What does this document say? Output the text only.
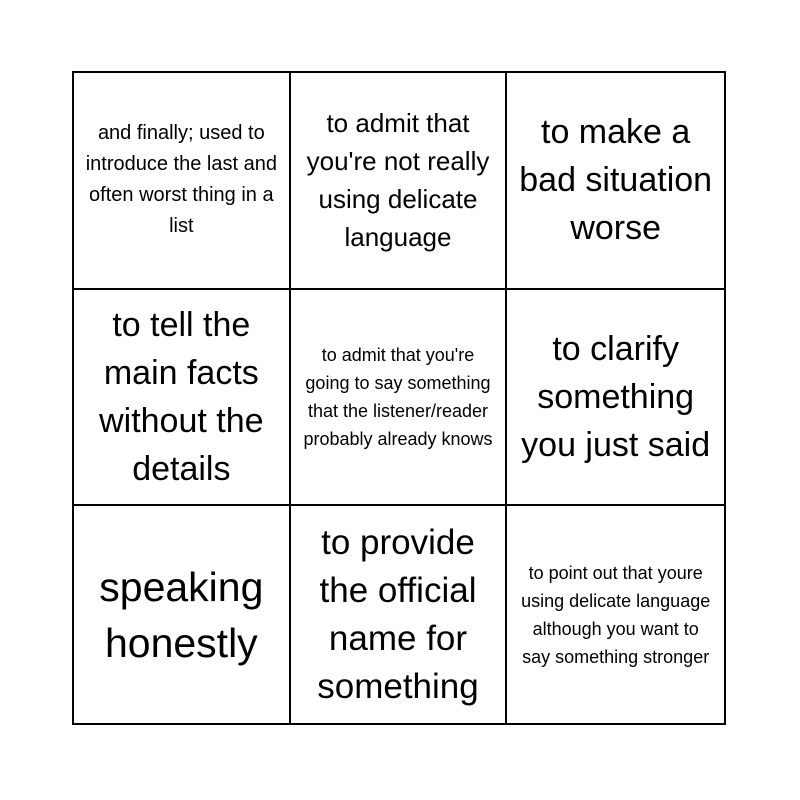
and finally; used to introduce the last and often worst thing in a list
to admit that you're not really using delicate language
to make a bad situation worse
to tell the main facts without the details
to admit that you're going to say something that the listener/reader probably already knows
to clarify something you just said
speaking honestly
to provide the official name for something
to point out that youre using delicate language although you want to say something stronger
